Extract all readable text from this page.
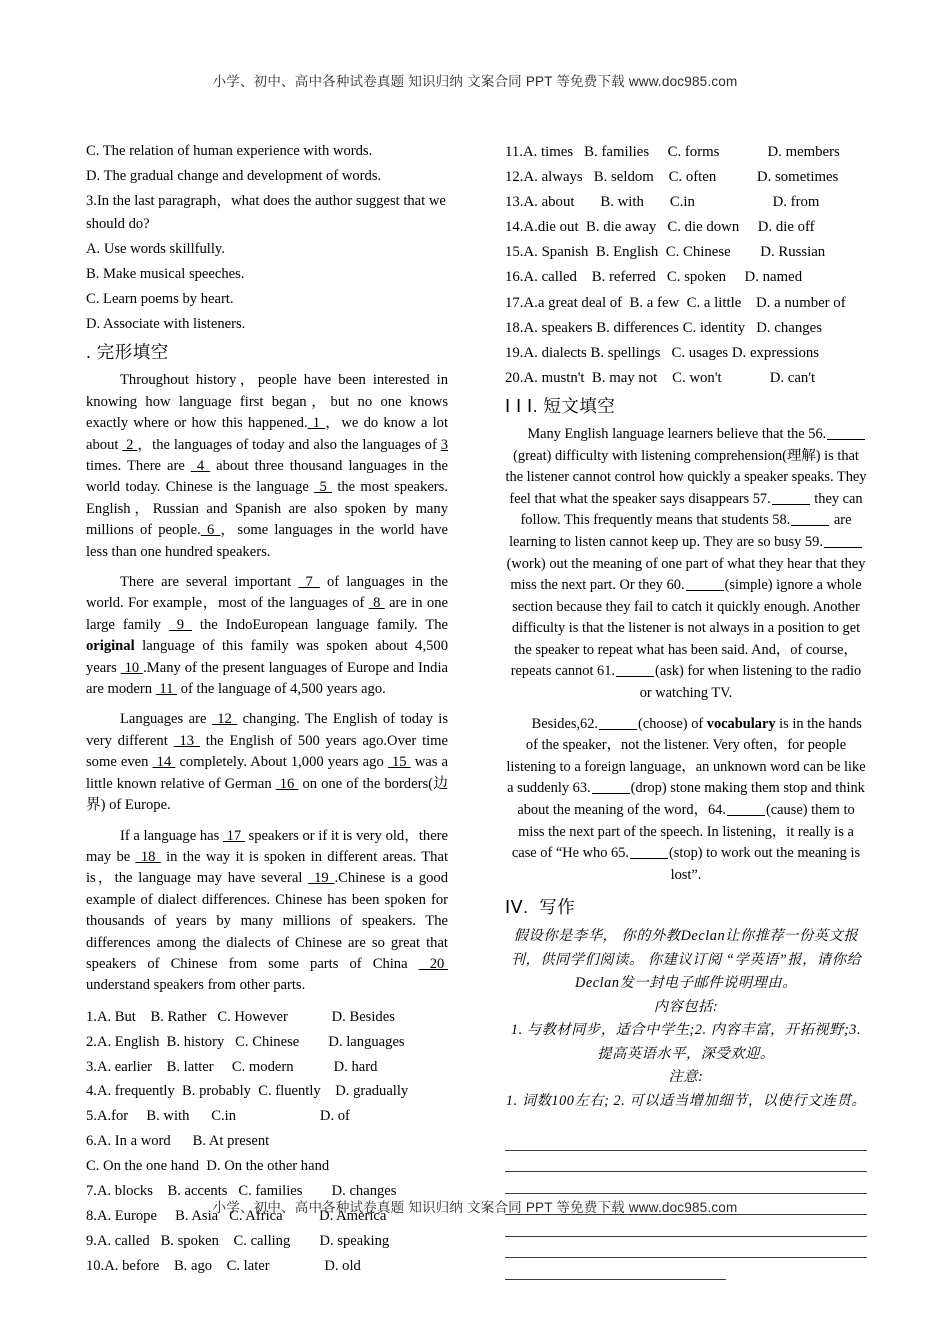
小学、初中、高中各种试卷真题 知识归纳 文案合同 PPT 等免费下载 www.doc985.com
C. The relation of human experience with words.
D. The gradual change and development of words.
3.In the last paragraph，what does the author suggest that we should do?
A. Use words skillfully.
B. Make musical speeches.
C. Learn poems by heart.
D. Associate with listeners.
. 完形填空

Throughout history，people have been interested in knowing how language first began，but no one knows exactly where or how this happened. 1 ，we do know a lot about  2 ，the languages of today and also the languages of 3 times. There are  4  about three thousand languages in the world today. Chinese is the language  5  the most speakers. English，Russian and Spanish are also spoken by many millions of people. 6 ，some languages in the world have less than one hundred speakers.

There are several important  7  of languages in the world. For example，most of the languages of  8  are in one large family  9  the IndoEuropean language family. The original language of this family was spoken about 4,500 years  10 .Many of the present languages of Europe and India are modern  11  of the language of 4,500 years ago.

Languages are  12  changing. The English of today is very different  13  the English of 500 years ago.Over time some even  14  completely. About 1,000 years ago  15  was a little known relative of German  16  on one of the borders(边界) of Europe.

If a language has  17  speakers or if it is very old，there may be  18  in the way it is spoken in different areas. That is，the language may have several  19 .Chinese is a good example of dialect differences. Chinese has been spoken for thousands of years by many millions of speakers. The differences among the dialects of Chinese are so great that speakers of Chinese from some parts of China  20  understand speakers from other parts.

1.A. But    B. Rather   C. However            D. Besides
2.A. English  B. history   C. Chinese        D. languages
3.A. earlier    B. latter     C. modern           D. hard
4.A. frequently  B. probably  C. fluently    D. gradually
5.A.for     B. with      C.in                       D. of
6.A. In a word      B. At present
C. On the one hand  D. On the other hand
7.A. blocks    B. accents   C. families        D. changes
8.A. Europe     B. Asia   C. Africa          D. America
9.A. called   B. spoken    C. calling        D. speaking
10.A. before    B. ago    C. later               D. old
11.A. times   B. families     C. forms             D. members
12.A. always   B. seldom    C. often           D. sometimes
13.A. about       B. with       C.in                     D. from
14.A.die out  B. die away   C. die down     D. die off
15.A. Spanish  B. English  C. Chinese        D. Russian
16.A. called    B. referred   C. spoken     D. named
17.A.a great deal of  B. a few  C. a little    D. a number of
18.A. speakers B. differences C. identity   D. changes
19.A. dialects B. spellings   C. usages D. expressions
20.A. mustn't  B. may not    C. won't             D. can't
Ⅰ Ⅰ Ⅰ. 短文填空

Many English language learners believe that the 56.(great) difficulty with listening comprehension(理解) is that the listener cannot control how quickly a speaker speaks. They feel that what the speaker says disappears 57.	they can follow. This frequently means that students 58.	are learning to listen cannot keep up. They are so busy 59.(work) out the meaning of one part of what they hear that they miss the next part. Or they 60.	(simple) ignore a whole section because they fail to catch it quickly enough. Another difficulty is that the listener is not always in a position to get the speaker to repeat what has been said. And，of course，repeats cannot 61.	(ask) for when listening to the radio or watching TV.

Besides,62.	(choose) of vocabulary is in the hands of the speaker，not the listener. Very often，for people listening to a foreign language，an unknown word can be like a suddenly 63.	(drop) stone making them stop and think about the meaning of the word，64.	(cause) them to miss the next part of the speech. In listening，it really is a case of “He who 65.	(stop) to work out the meaning is lost”.

ⅠⅤ.  写作

假设你是李华， 你的外教Declan让你推荐一份英文报刊，供同学们阅读。 你建议订阅 “学英语”报，请你给Declan发一封电子邮件说明理由。

内容包括:

1. 与教材同步，适合中学生;2. 内容丰富，开拓视野;3. 提高英语水平，深受欢迎。

注意:

1. 词数100左右; 2. 可以适当增加细节，以使行文连贯。

小学、初中、高中各种试卷真题 知识归纳 文案合同 PPT 等免费下载 www.doc985.com
